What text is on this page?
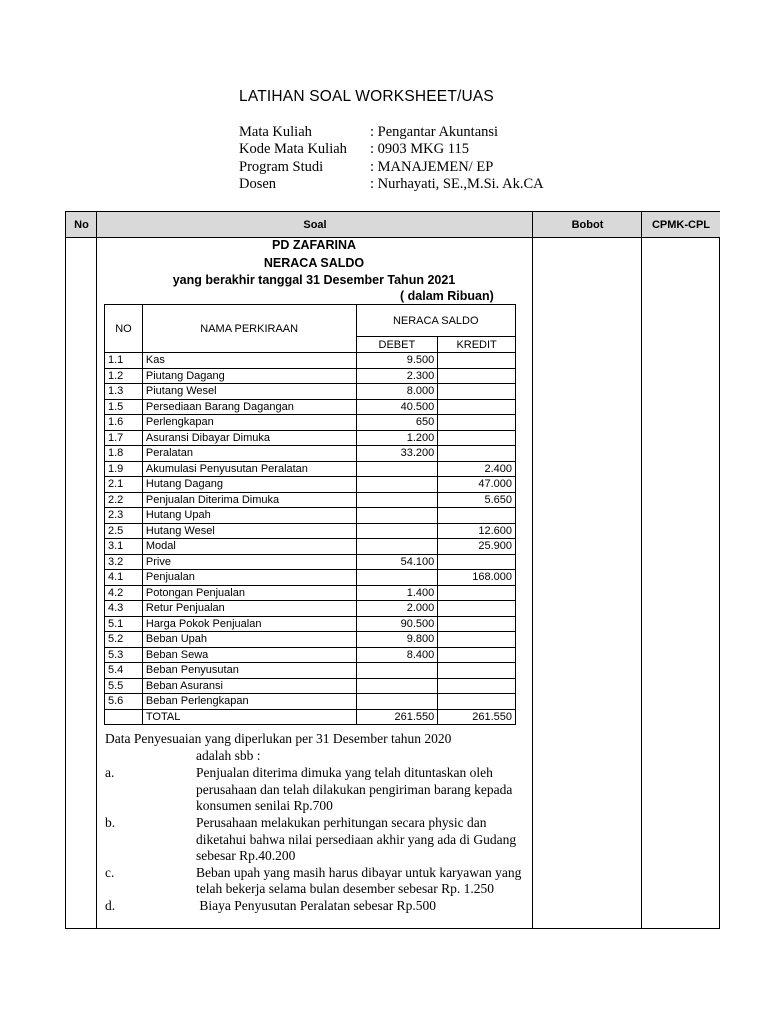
LATIHAN SOAL WORKSHEET/UAS
Mata Kuliah	: Pengantar Akuntansi
Kode Mata Kuliah	: 0903 MKG 115
Program Studi	: MANAJEMEN/ EP
Dosen	: Nurhayati, SE.,M.Si. Ak.CA
No	Soal	Bobot	CPMK-CPL
PD ZAFARINA
NERACA SALDO
yang berakhir tanggal 31 Desember Tahun 2021
( dalam Ribuan)
NO	NAMA PERKIRAAN	NERACA SALDO	
		DEBET	KREDIT
1.1	Kas	9.500	
1.2	Piutang Dagang	2.300	
1.3	Piutang Wesel	8.000	
1.5	Persediaan Barang Dagangan	40.500	
1.6	Perlengkapan	650	
1.7	Asuransi Dibayar Dimuka	1.200	
1.8	Peralatan	33.200	
1.9	Akumulasi Penyusutan Peralatan		2.400
2.1	Hutang Dagang		47.000
2.2	Penjualan Diterima Dimuka		5.650
2.3	Hutang Upah		
2.5	Hutang Wesel		12.600
3.1	Modal		25.900
3.2	Prive	54.100	
4.1	Penjualan		168.000
4.2	Potongan Penjualan	1.400	
4.3	Retur Penjualan	2.000	
5.1	Harga Pokok Penjualan	90.500	
5.2	Beban Upah	9.800	
5.3	Beban Sewa	8.400	
5.4	Beban Penyusutan		
5.5	Beban Asuransi		
5.6	Beban Perlengkapan		
	TOTAL	261.550	261.550
Data Penyesuaian yang diperlukan per 31 Desember tahun 2020
adalah sbb :
a.	Penjualan diterima dimuka yang telah dituntaskan oleh perusahaan dan telah dilakukan pengiriman barang kepada konsumen senilai Rp.700
b.	Perusahaan melakukan perhitungan secara physic dan diketahui bahwa nilai persediaan akhir yang ada di Gudang sebesar Rp.40.200
c.	Beban upah yang masih harus dibayar untuk karyawan yang telah bekerja selama bulan desember sebesar Rp. 1.250
d.	Biaya Penyusutan Peralatan sebesar Rp.500
